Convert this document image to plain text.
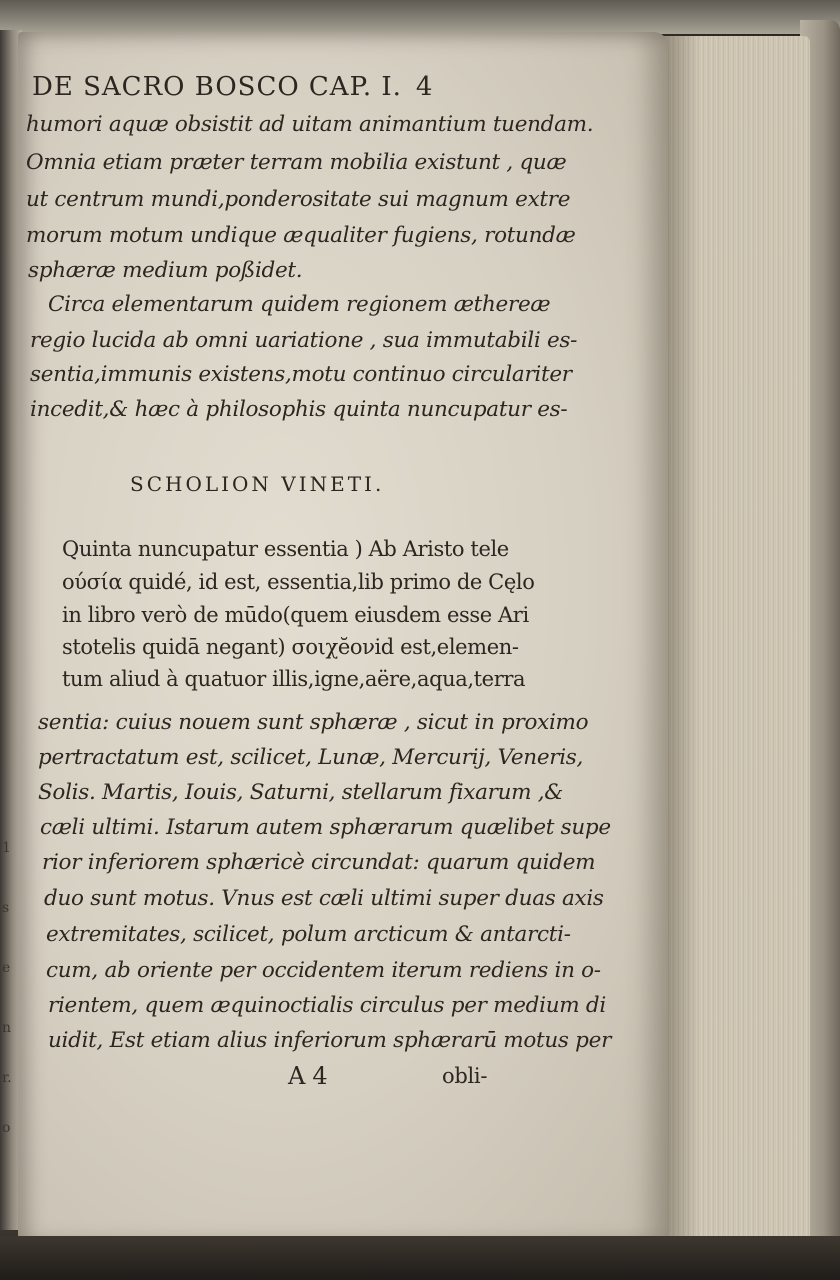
1
s
e
n
r.
o
DE SACRO BOSCO CAP. I. 4
humori aquæ obsistit ad uitam animantium tuendam.
Omnia etiam præter terram mobilia existunt , quæ
ut centrum mundi,ponderositate sui magnum extre
morum motum undique æqualiter fugiens, rotundæ
sphæræ medium poßidet.
Circa elementarum quidem regionem æthereæ
regio lucida ab omni uariatione , sua immutabili es-
sentia,immunis existens,motu continuo circulariter
incedit,& hæc à philosophis quinta nuncupatur es-
SCHOLION VINETI.
Quinta nuncupatur essentia ) Ab Aristo tele
ούσία quidé, id est, essentia,lib primo de Cęlo
in libro verò de mūdo(quem eiusdem esse Ari
stotelis quidā negant) σοιχĕονid est,elemen-
tum aliud à quatuor illis,igne,aëre,aqua,terra
sentia: cuius nouem sunt sphæræ , sicut in proximo
pertractatum est, scilicet, Lunæ, Mercurij, Veneris,
Solis. Martis, Iouis, Saturni, stellarum fixarum ,&
cæli ultimi. Istarum autem sphærarum quælibet supe
rior inferiorem sphæricè circundat: quarum quidem
duo sunt motus. Vnus est cæli ultimi super duas axis
extremitates, scilicet, polum arcticum & antarcti-
cum, ab oriente per occidentem iterum rediens in o-
rientem, quem æquinoctialis circulus per medium di
uidit, Est etiam alius inferiorum sphærarū motus per
A 4	obli-
